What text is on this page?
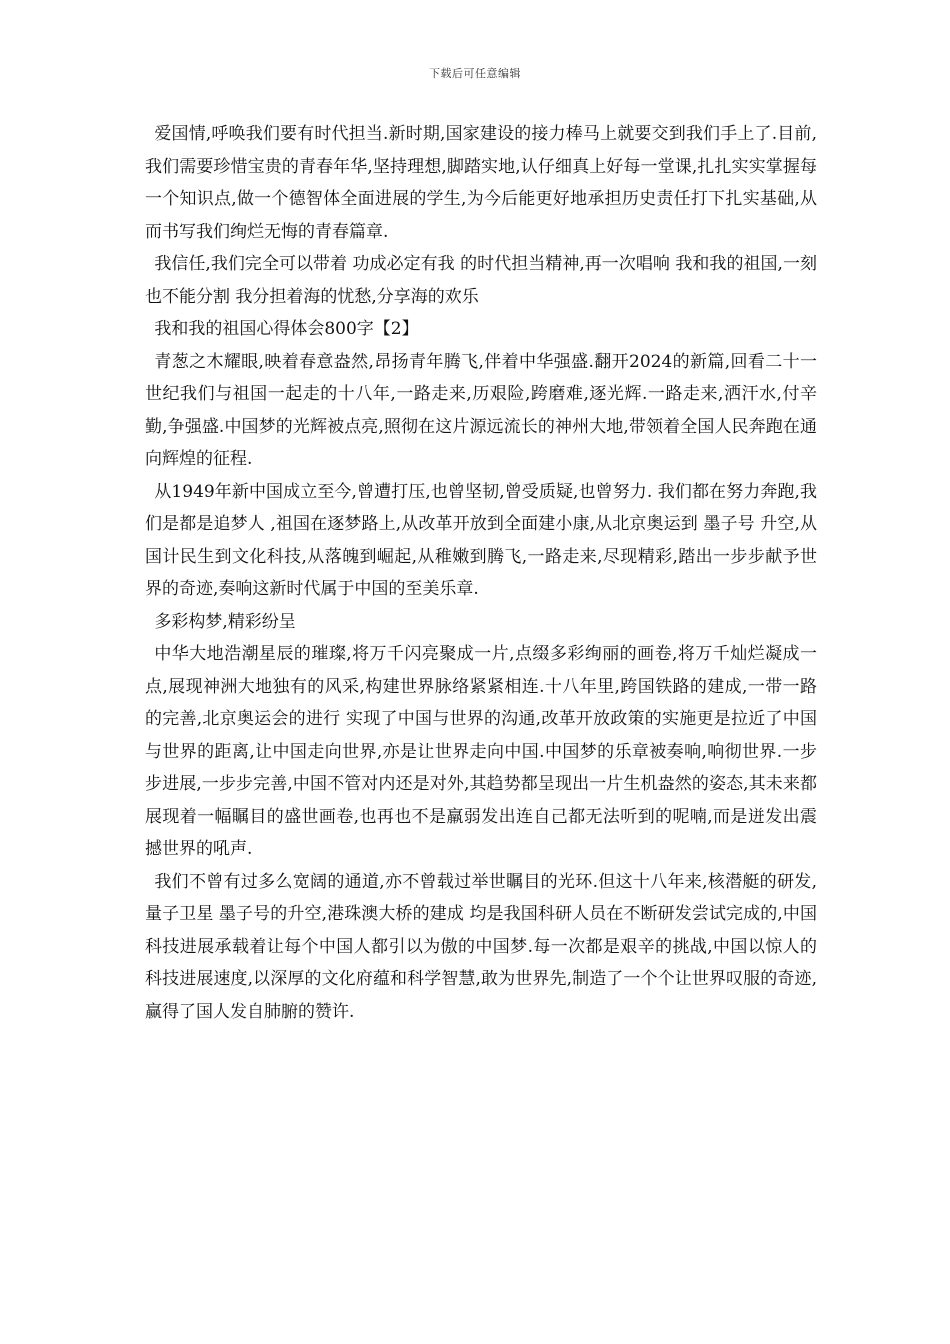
下载后可任意编辑

爱国情,呼唤我们要有时代担当.新时期,国家建设的接力棒马上就要交到我们手上了.目前,我们需要珍惜宝贵的青春年华,坚持理想,脚踏实地,认仔细真上好每一堂课,扎扎实实掌握每一个知识点,做一个德智体全面进展的学生,为今后能更好地承担历史责任打下扎实基础,从而书写我们绚烂无悔的青春篇章.

我信任,我们完全可以带着 功成必定有我 的时代担当精神,再一次唱响 我和我的祖国,一刻也不能分割 我分担着海的忧愁,分享海的欢乐

我和我的祖国心得体会800字【2】

青葱之木耀眼,映着春意盎然,昂扬青年腾飞,伴着中华强盛.翻开2024的新篇,回看二十一世纪我们与祖国一起走的十八年,一路走来,历艰险,跨磨难,逐光辉.一路走来,洒汗水,付辛勤,争强盛.中国梦的光辉被点亮,照彻在这片源远流长的神州大地,带领着全国人民奔跑在通向辉煌的征程.

从1949年新中国成立至今,曾遭打压,也曾坚韧,曾受质疑,也曾努力. 我们都在努力奔跑,我们是都是追梦人 ,祖国在逐梦路上,从改革开放到全面建小康,从北京奥运到 墨子号 升空,从国计民生到文化科技,从落魄到崛起,从稚嫩到腾飞,一路走来,尽现精彩,踏出一步步献予世界的奇迹,奏响这新时代属于中国的至美乐章.

多彩构梦,精彩纷呈

中华大地浩潮星辰的璀璨,将万千闪亮聚成一片,点缀多彩绚丽的画卷,将万千灿烂凝成一点,展现神洲大地独有的风采,构建世界脉络紧紧相连.十八年里,跨国铁路的建成,一带一路的完善,北京奥运会的进行 实现了中国与世界的沟通,改革开放政策的实施更是拉近了中国与世界的距离,让中国走向世界,亦是让世界走向中国.中国梦的乐章被奏响,响彻世界.一步步进展,一步步完善,中国不管对内还是对外,其趋势都呈现出一片生机盎然的姿态,其未来都展现着一幅瞩目的盛世画卷,也再也不是羸弱发出连自己都无法听到的呢喃,而是迸发出震撼世界的吼声.

我们不曾有过多么宽阔的通道,亦不曾载过举世瞩目的光环.但这十八年来,核潜艇的研发, 量子卫星 墨子号的升空,港珠澳大桥的建成 均是我国科研人员在不断研发尝试完成的,中国科技进展承载着让每个中国人都引以为傲的中国梦.每一次都是艰辛的挑战,中国以惊人的科技进展速度,以深厚的文化府蕴和科学智慧,敢为世界先,制造了一个个让世界叹服的奇迹,赢得了国人发自肺腑的赞许.
